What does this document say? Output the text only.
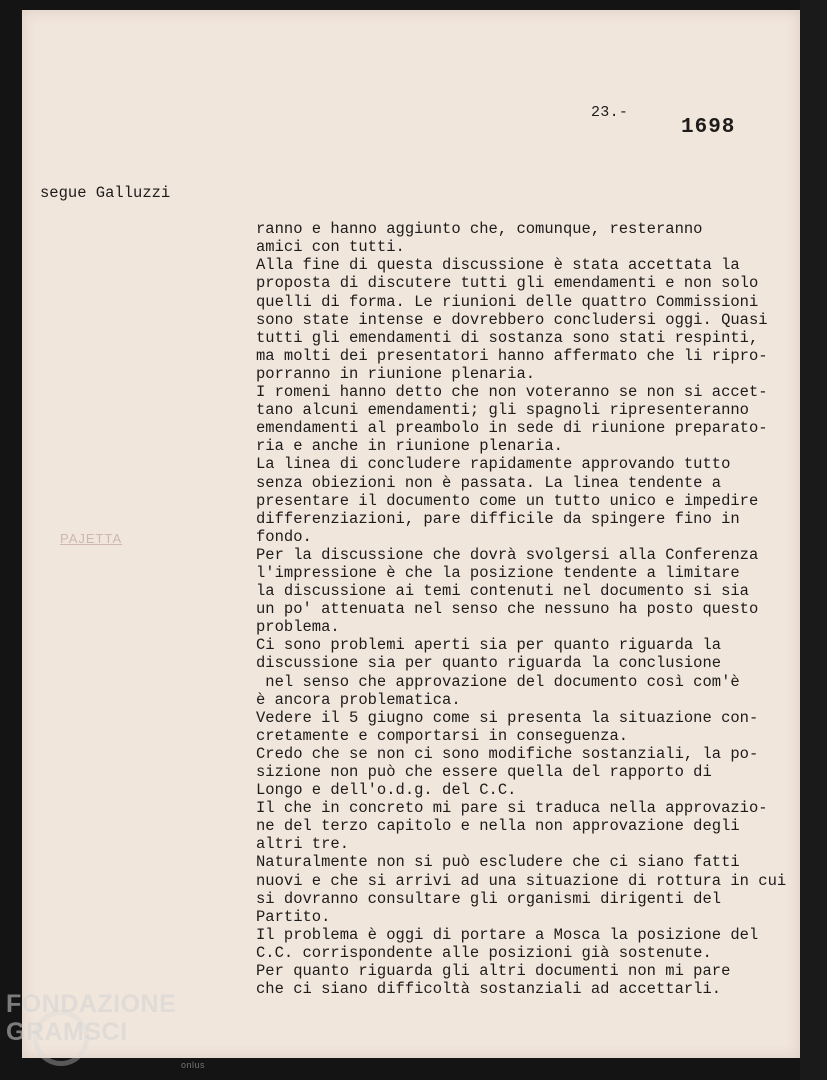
23.-

1698

segue Galluzzi

PAJETTA

ranno e hanno aggiunto che, comunque, resteranno
amici con tutti.
Alla fine di questa discussione è stata accettata la
proposta di discutere tutti gli emendamenti e non solo
quelli di forma. Le riunioni delle quattro Commissioni
sono state intense e dovrebbero concludersi oggi. Quasi
tutti gli emendamenti di sostanza sono stati respinti,
ma molti dei presentatori hanno affermato che li ripro-
porranno in riunione plenaria.
I romeni hanno detto che non voteranno se non si accet-
tano alcuni emendamenti; gli spagnoli ripresenteranno
emendamenti al preambolo in sede di riunione preparato-
ria e anche in riunione plenaria.
La linea di concludere rapidamente approvando tutto
senza obiezioni non è passata. La linea tendente a
presentare il documento come un tutto unico e impedire
differenziazioni, pare difficile da spingere fino in
fondo.
Per la discussione che dovrà svolgersi alla Conferenza
l'impressione è che la posizione tendente a limitare
la discussione ai temi contenuti nel documento si sia
un po' attenuata nel senso che nessuno ha posto questo
problema.
Ci sono problemi aperti sia per quanto riguarda la
discussione sia per quanto riguarda la conclusione
nel senso che approvazione del documento così com'è
è ancora problematica.
Vedere il 5 giugno come si presenta la situazione con-
cretamente e comportarsi in conseguenza.
Credo che se non ci sono modifiche sostanziali, la po-
sizione non può che essere quella del rapporto di
Longo e dell'o.d.g. del C.C.
Il che in concreto mi pare si traduca nella approvazio-
ne del terzo capitolo e nella non approvazione degli
altri tre.
Naturalmente non si può escludere che ci siano fatti
nuovi e che si arrivi ad una situazione di rottura in cui
si dovranno consultare gli organismi dirigenti del
Partito.
Il problema è oggi di portare a Mosca la posizione del
C.C. corrispondente alle posizioni già sostenute.
Per quanto riguarda gli altri documenti non mi pare
che ci siano difficoltà sostanziali ad accettarli.
FONDAZIONE
GRAMSCI
onlus
